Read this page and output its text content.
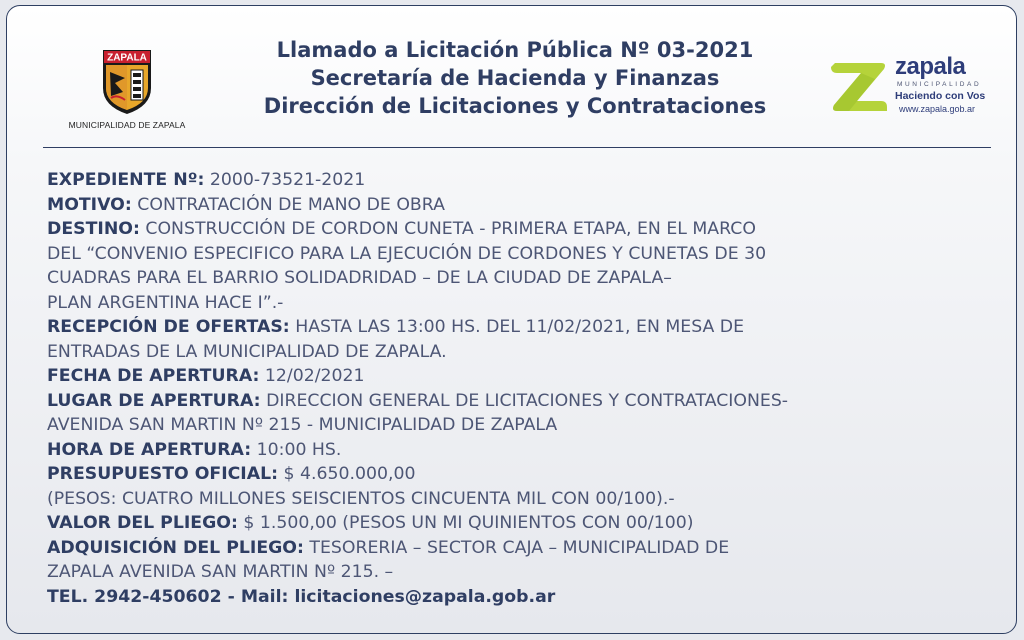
ZAPALA
MUNICIPALIDAD DE ZAPALA
Llamado a Licitación Pública Nº 03-2021
Secretaría de Hacienda y Finanzas
Dirección de Licitaciones y Contrataciones
zapala
MUNICIPALIDAD
Haciendo con Vos
www.zapala.gob.ar
EXPEDIENTE Nº: 2000-73521-2021
MOTIVO: CONTRATACIÓN DE MANO DE OBRA
DESTINO: CONSTRUCCIÓN DE CORDON CUNETA - PRIMERA ETAPA, EN EL MARCO
DEL “CONVENIO ESPECIFICO PARA LA EJECUCIÓN DE CORDONES Y CUNETAS DE 30
CUADRAS PARA EL BARRIO SOLIDADRIDAD – DE LA CIUDAD DE ZAPALA–
PLAN ARGENTINA HACE I”.-
RECEPCIÓN DE OFERTAS: HASTA LAS 13:00 HS. DEL 11/02/2021, EN MESA DE
ENTRADAS DE LA MUNICIPALIDAD DE ZAPALA.
FECHA DE APERTURA: 12/02/2021
LUGAR DE APERTURA: DIRECCION GENERAL DE LICITACIONES Y CONTRATACIONES-
AVENIDA SAN MARTIN Nº 215 - MUNICIPALIDAD DE ZAPALA
HORA DE APERTURA: 10:00 HS.
PRESUPUESTO OFICIAL: $ 4.650.000,00
(PESOS: CUATRO MILLONES SEISCIENTOS CINCUENTA MIL CON 00/100).-
VALOR DEL PLIEGO: $ 1.500,00 (PESOS UN MI QUINIENTOS CON 00/100)
ADQUISICIÓN DEL PLIEGO: TESORERIA – SECTOR CAJA – MUNICIPALIDAD DE
ZAPALA AVENIDA SAN MARTIN Nº 215. –
TEL. 2942-450602 - Mail: licitaciones@zapala.gob.ar
